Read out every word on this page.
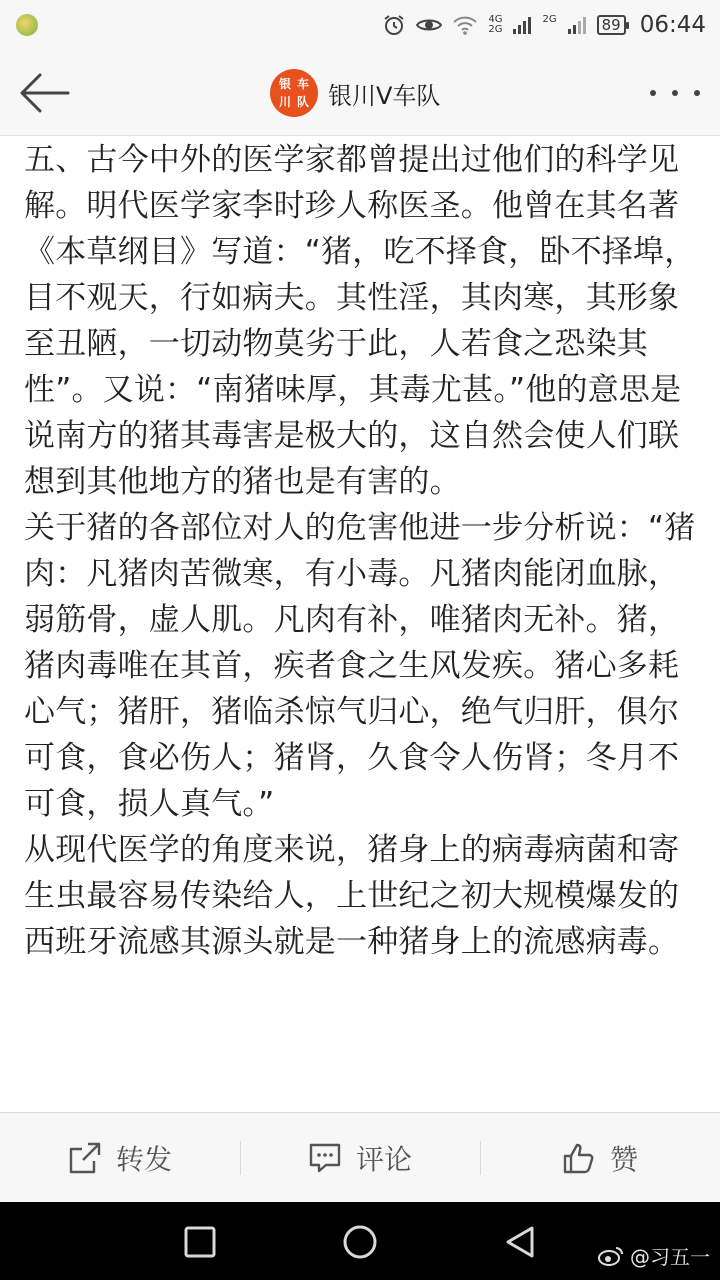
4G
2G
2G
	89 06:44
银 车
川 队 银川V车队

五、古今中外的医学家都曾提出过他们的科学见解。明代医学家李时珍人称医圣。他曾在其名著《本草纲目》写道：“猪，吃不择食，卧不择埠，目不观天，行如病夫。其性淫，其肉寒，其形象至丑陋，一切动物莫劣于此，人若食之恐染其性”。又说：“南猪味厚，其毒尤甚。”他的意思是说南方的猪其毒害是极大的，这自然会使人们联想到其他地方的猪也是有害的。

关于猪的各部位对人的危害他进一步分析说：“猪肉：凡猪肉苦微寒，有小毒。凡猪肉能闭血脉，弱筋骨，虚人肌。凡肉有补，唯猪肉无补。猪，猪肉毒唯在其首，疾者食之生风发疾。猪心多耗心气；猪肝，猪临杀惊气归心，绝气归肝，俱尔可食，食必伤人；猪肾，久食令人伤肾；冬月不可食，损人真气。”

从现代医学的角度来说，猪身上的病毒病菌和寄生虫最容易传染给人，上世纪之初大规模爆发的西班牙流感其源头就是一种猪身上的流感病毒。

转发	评论	赞
@习五一
